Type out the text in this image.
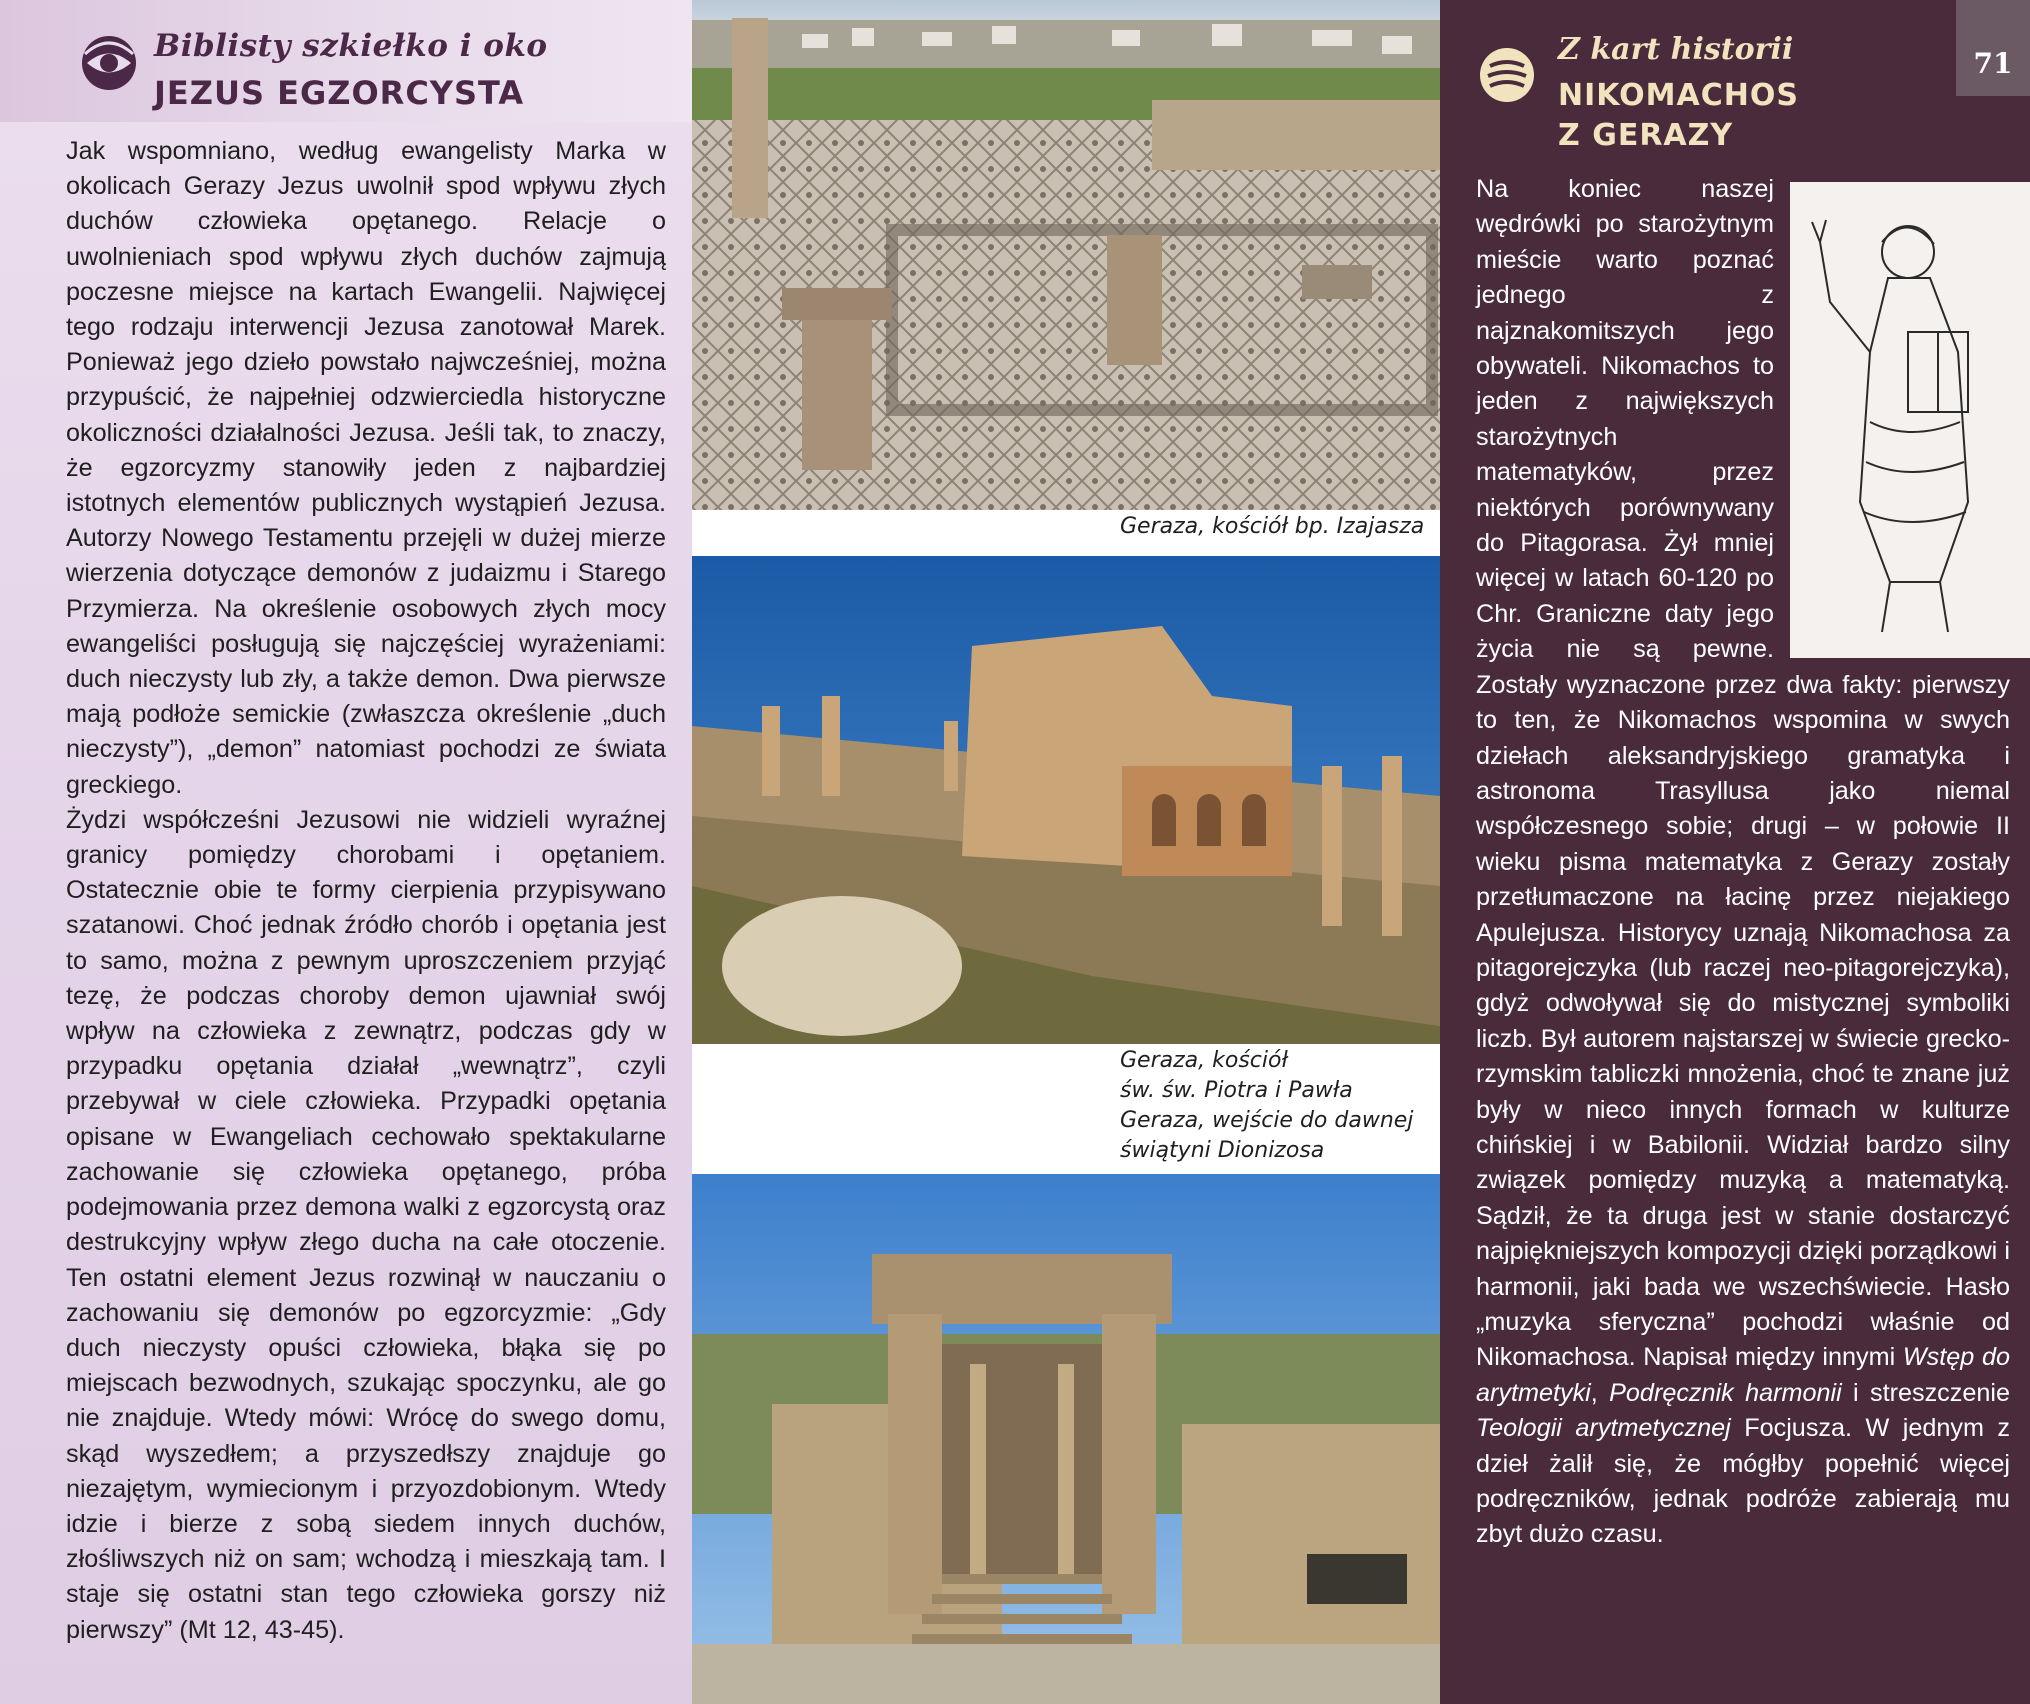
Biblisty szkiełko i oko
JEZUS EGZORCYSTA

Jak wspomniano, według ewangelisty Marka w okolicach Gerazy Jezus uwolnił spod wpływu złych duchów człowieka opętanego. Relacje o uwolnieniach spod wpływu złych duchów zajmują poczesne miejsce na kartach Ewangelii. Najwięcej tego rodzaju interwencji Jezusa zanotował Marek. Ponieważ jego dzieło powstało najwcześniej, można przypuścić, że najpełniej odzwierciedla historyczne okoliczności działalności Jezusa. Jeśli tak, to znaczy, że egzorcyzmy stanowiły jeden z najbardziej istotnych elementów publicznych wystąpień Jezusa. Autorzy Nowego Testamentu przejęli w dużej mierze wierzenia dotyczące demonów z judaizmu i Starego Przymierza. Na określenie osobowych złych mocy ewangeliści posługują się najczęściej wyrażeniami: duch nieczysty lub zły, a także demon. Dwa pierwsze mają podłoże semickie (zwłaszcza określenie „duch nieczysty”), „demon” natomiast pochodzi ze świata greckiego.

Żydzi współcześni Jezusowi nie widzieli wyraźnej granicy pomiędzy chorobami i opętaniem. Ostatecznie obie te formy cierpienia przypisywano szatanowi. Choć jednak źródło chorób i opętania jest to samo, można z pewnym uproszczeniem przyjąć tezę, że podczas choroby demon ujawniał swój wpływ na człowieka z zewnątrz, podczas gdy w przypadku opętania działał „wewnątrz”, czyli przebywał w ciele człowieka. Przypadki opętania opisane w Ewangeliach cechowało spektakularne zachowanie się człowieka opętanego, próba podejmowania przez demona walki z egzorcystą oraz destrukcyjny wpływ złego ducha na całe otoczenie. Ten ostatni element Jezus rozwinął w nauczaniu o zachowaniu się demonów po egzorcyzmie: „Gdy duch nieczysty opuści człowieka, błąka się po miejscach bezwodnych, szukając spoczynku, ale go nie znajduje. Wtedy mówi: Wrócę do swego domu, skąd wyszedłem; a przyszedłszy znajduje go niezajętym, wymiecionym i przyozdobionym. Wtedy idzie i bierze z sobą siedem innych duchów, złośliwszych niż on sam; wchodzą i mieszkają tam. I staje się ostatni stan tego człowieka gorszy niż pierwszy” (Mt 12, 43-45).

Geraza, kościół bp. Izajasza
Geraza, kościół
św. św. Piotra i Pawła
Geraza, wejście do dawnej
świątyni Dionizosa
71
Z kart historii
NIKOMACHOS
Z GERAZY

Na koniec naszej wędrówki po starożytnym mieście warto poznać jednego z najznakomitszych jego obywateli. Nikomachos to jeden z największych starożytnych matematyków, przez niektórych porównywany do Pitagorasa. Żył mniej więcej w latach 60-120 po Chr. Graniczne daty jego życia nie są pewne. Zostały wyznaczone przez dwa fakty: pierwszy to ten, że Nikomachos wspomina w swych dziełach aleksandryjskiego gramatyka i astronoma Trasyllusa jako niemal współczesnego sobie; drugi – w połowie II wieku pisma matematyka z Gerazy zostały przetłumaczone na łacinę przez niejakiego Apulejusza. Historycy uznają Nikomachosa za pitagorejczyka (lub raczej neo-pitagorejczyka), gdyż odwoływał się do mistycznej symboliki liczb. Był autorem najstarszej w świecie grecko-rzymskim tabliczki mnożenia, choć te znane już były w nieco innych formach w kulturze chińskiej i w Babilonii. Widział bardzo silny związek pomiędzy muzyką a matematyką. Sądził, że ta druga jest w stanie dostarczyć najpiękniejszych kompozycji dzięki porządkowi i harmonii, jaki bada we wszechświecie. Hasło „muzyka sferyczna” pochodzi właśnie od Nikomachosa. Napisał między innymi Wstęp do arytmetyki, Podręcznik harmonii i streszczenie Teologii arytmetycznej Focjusza. W jednym z dzieł żalił się, że mógłby popełnić więcej podręczników, jednak podróże zabierają mu zbyt dużo czasu.
